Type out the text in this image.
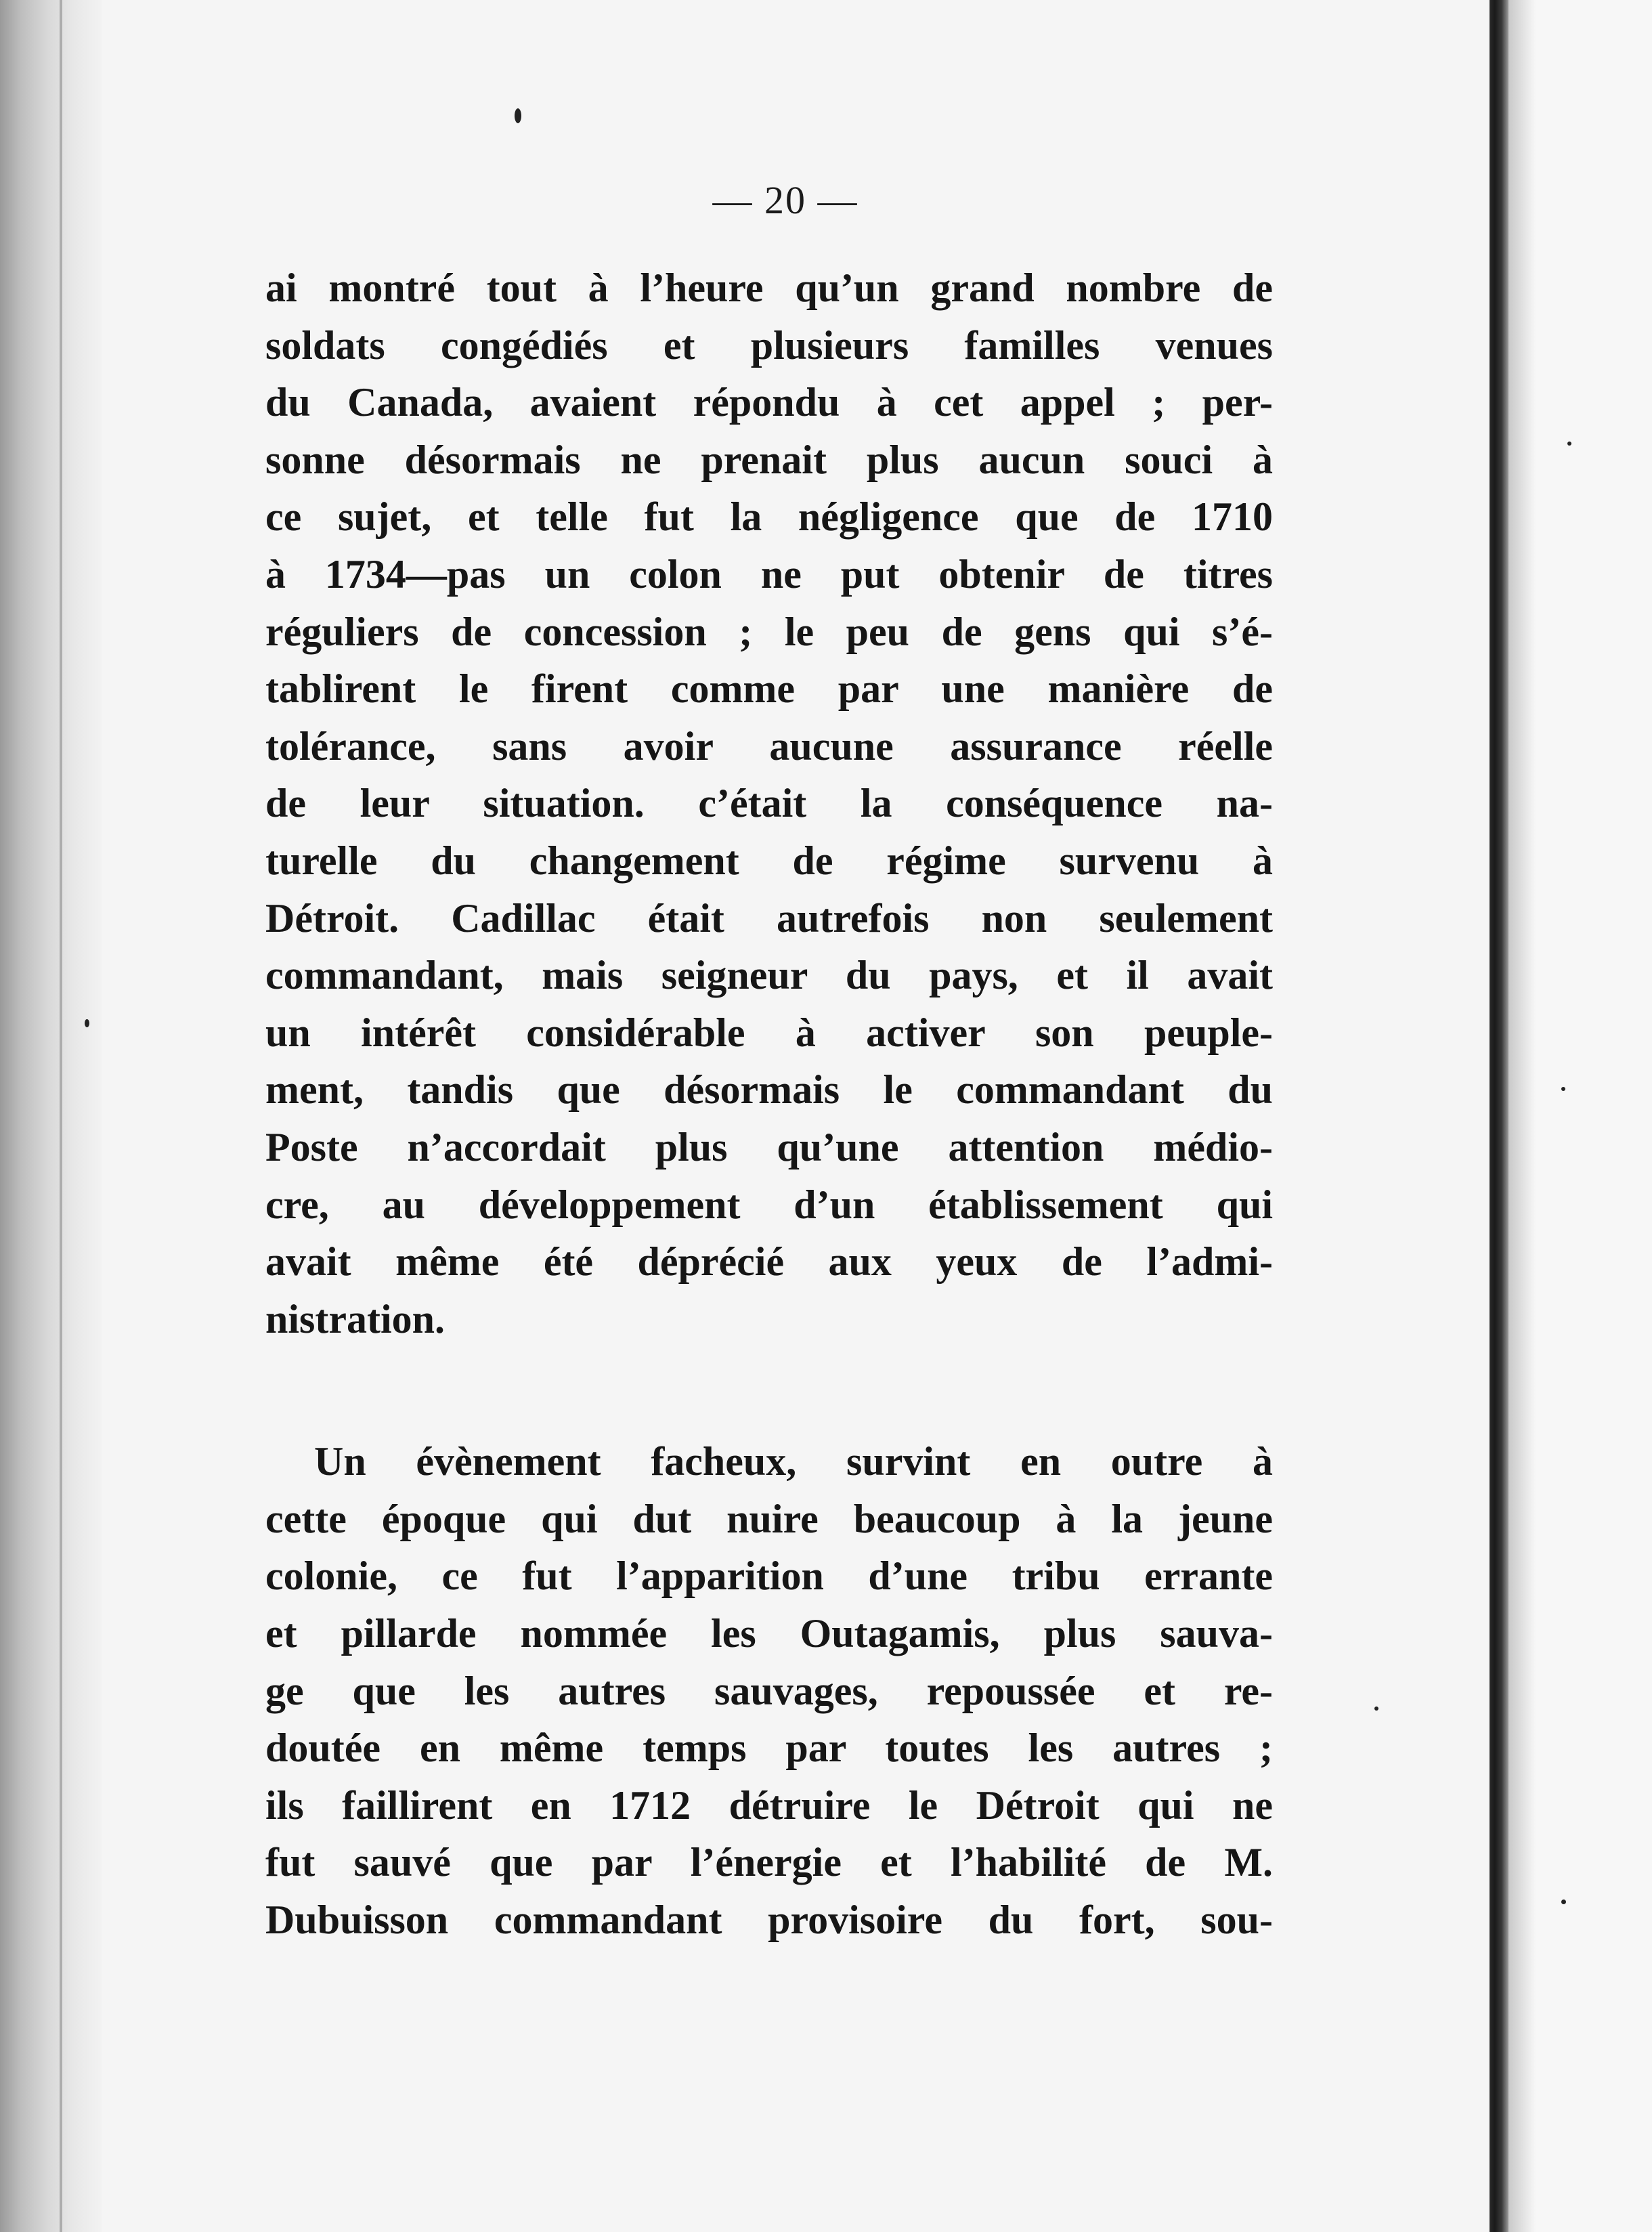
— 20 —
ai montré tout à l’heure qu’un grand nombre de
soldats congédiés et plusieurs familles venues
du Canada, avaient répondu à cet appel ; per-
sonne désormais ne prenait plus aucun souci à
ce sujet, et telle fut la négligence que de 1710
à 1734—pas un colon ne put obtenir de titres
réguliers de concession ; le peu de gens qui s’é-
tablirent le firent comme par une manière de
tolérance, sans avoir aucune assurance réelle
de leur situation. c’était la conséquence na-
turelle du changement de régime survenu à
Détroit. Cadillac était autrefois non seulement
commandant, mais seigneur du pays, et il avait
un intérêt considérable à activer son peuple-
ment, tandis que désormais le commandant du
Poste n’accordait plus qu’une attention médio-
cre, au développement d’un établissement qui
avait même été déprécié aux yeux de l’admi-
nistration.
Un évènement facheux, survint en outre à
cette époque qui dut nuire beaucoup à la jeune
colonie, ce fut l’apparition d’une tribu errante
et pillarde nommée les Outagamis, plus sauva-
ge que les autres sauvages, repoussée et re-
doutée en même temps par toutes les autres ;
ils faillirent en 1712 détruire le Détroit qui ne
fut sauvé que par l’énergie et l’habilité de M.
Dubuisson commandant provisoire du fort, sou-
